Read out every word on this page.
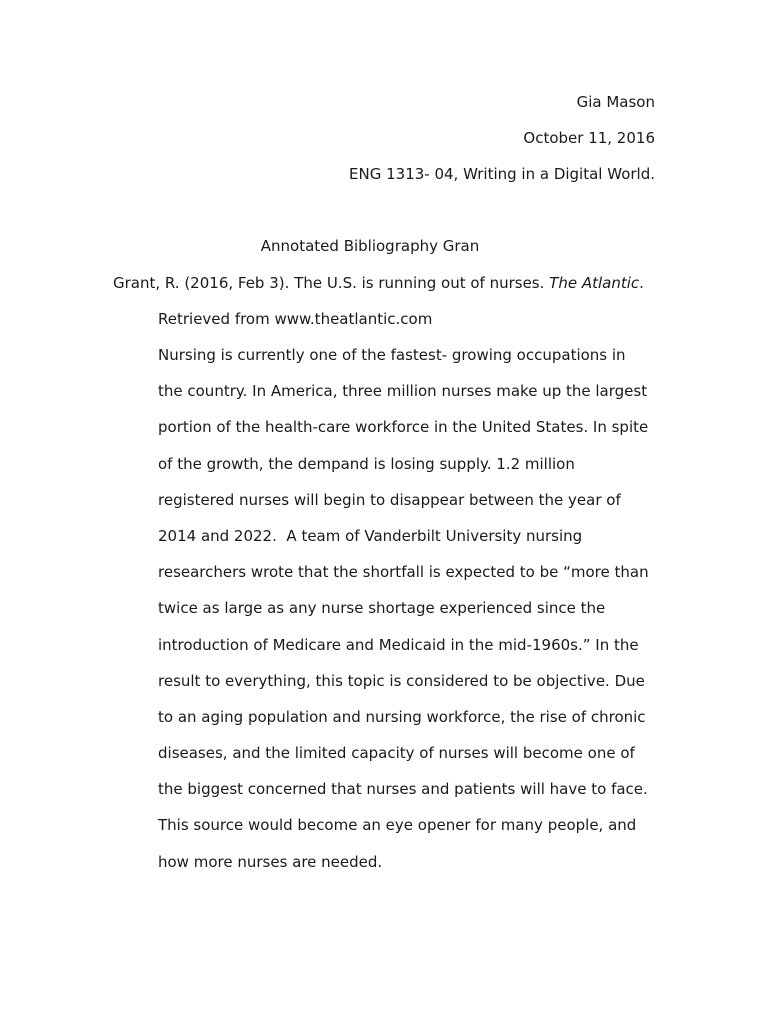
Gia Mason
October 11, 2016
ENG 1313- 04, Writing in a Digital World.
Annotated Bibliography Gran
Grant, R. (2016, Feb 3). The U.S. is running out of nurses. The Atlantic.
Retrieved from www.theatlantic.com
Nursing is currently one of the fastest- growing occupations in
the country. In America, three million nurses make up the largest
portion of the health-care workforce in the United States. In spite
of the growth, the dempand is losing supply. 1.2 million
registered nurses will begin to disappear between the year of
2014 and 2022.  A team of Vanderbilt University nursing
researchers wrote that the shortfall is expected to be “more than
twice as large as any nurse shortage experienced since the
introduction of Medicare and Medicaid in the mid-1960s.” In the
result to everything, this topic is considered to be objective. Due
to an aging population and nursing workforce, the rise of chronic
diseases, and the limited capacity of nurses will become one of
the biggest concerned that nurses and patients will have to face.
This source would become an eye opener for many people, and
how more nurses are needed.
